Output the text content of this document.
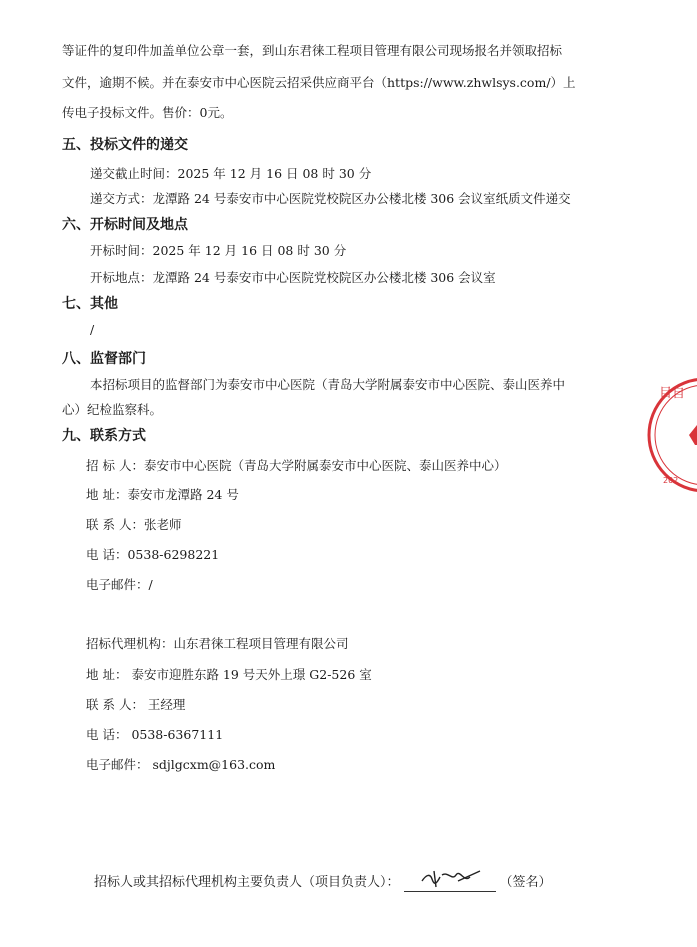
等证件的复印件加盖单位公章一套，到山东君徕工程项目管理有限公司现场报名并领取招标
文件，逾期不候。并在泰安市中心医院云招采供应商平台（https://www.zhwlsys.com/）上
传电子投标文件。售价：0元。
五、投标文件的递交
递交截止时间：2025 年 12 月 16 日 08 时 30 分
递交方式：龙潭路 24 号泰安市中心医院党校院区办公楼北楼 306 会议室纸质文件递交
六、开标时间及地点
开标时间：2025 年 12 月 16 日 08 时 30 分
开标地点：龙潭路 24 号泰安市中心医院党校院区办公楼北楼 306 会议室
七、其他
/
八、监督部门
本招标项目的监督部门为泰安市中心医院（青岛大学附属泰安市中心医院、泰山医养中
心）纪检监察科。
九、联系方式
招 标 人：泰安市中心医院（青岛大学附属泰安市中心医院、泰山医养中心）
地 址：泰安市龙潭路 24 号
联 系 人：张老师
电 话：0538-6298221
电子邮件：/
招标代理机构：山东君徕工程项目管理有限公司
地 址： 泰安市迎胜东路 19 号天外上璟 G2-526 室
联 系 人： 王经理
电 话： 0538-6367111
电子邮件： sdjlgcxm@163.com
招标人或其招标代理机构主要负责人（项目负责人）：	（签名）
目自
202
